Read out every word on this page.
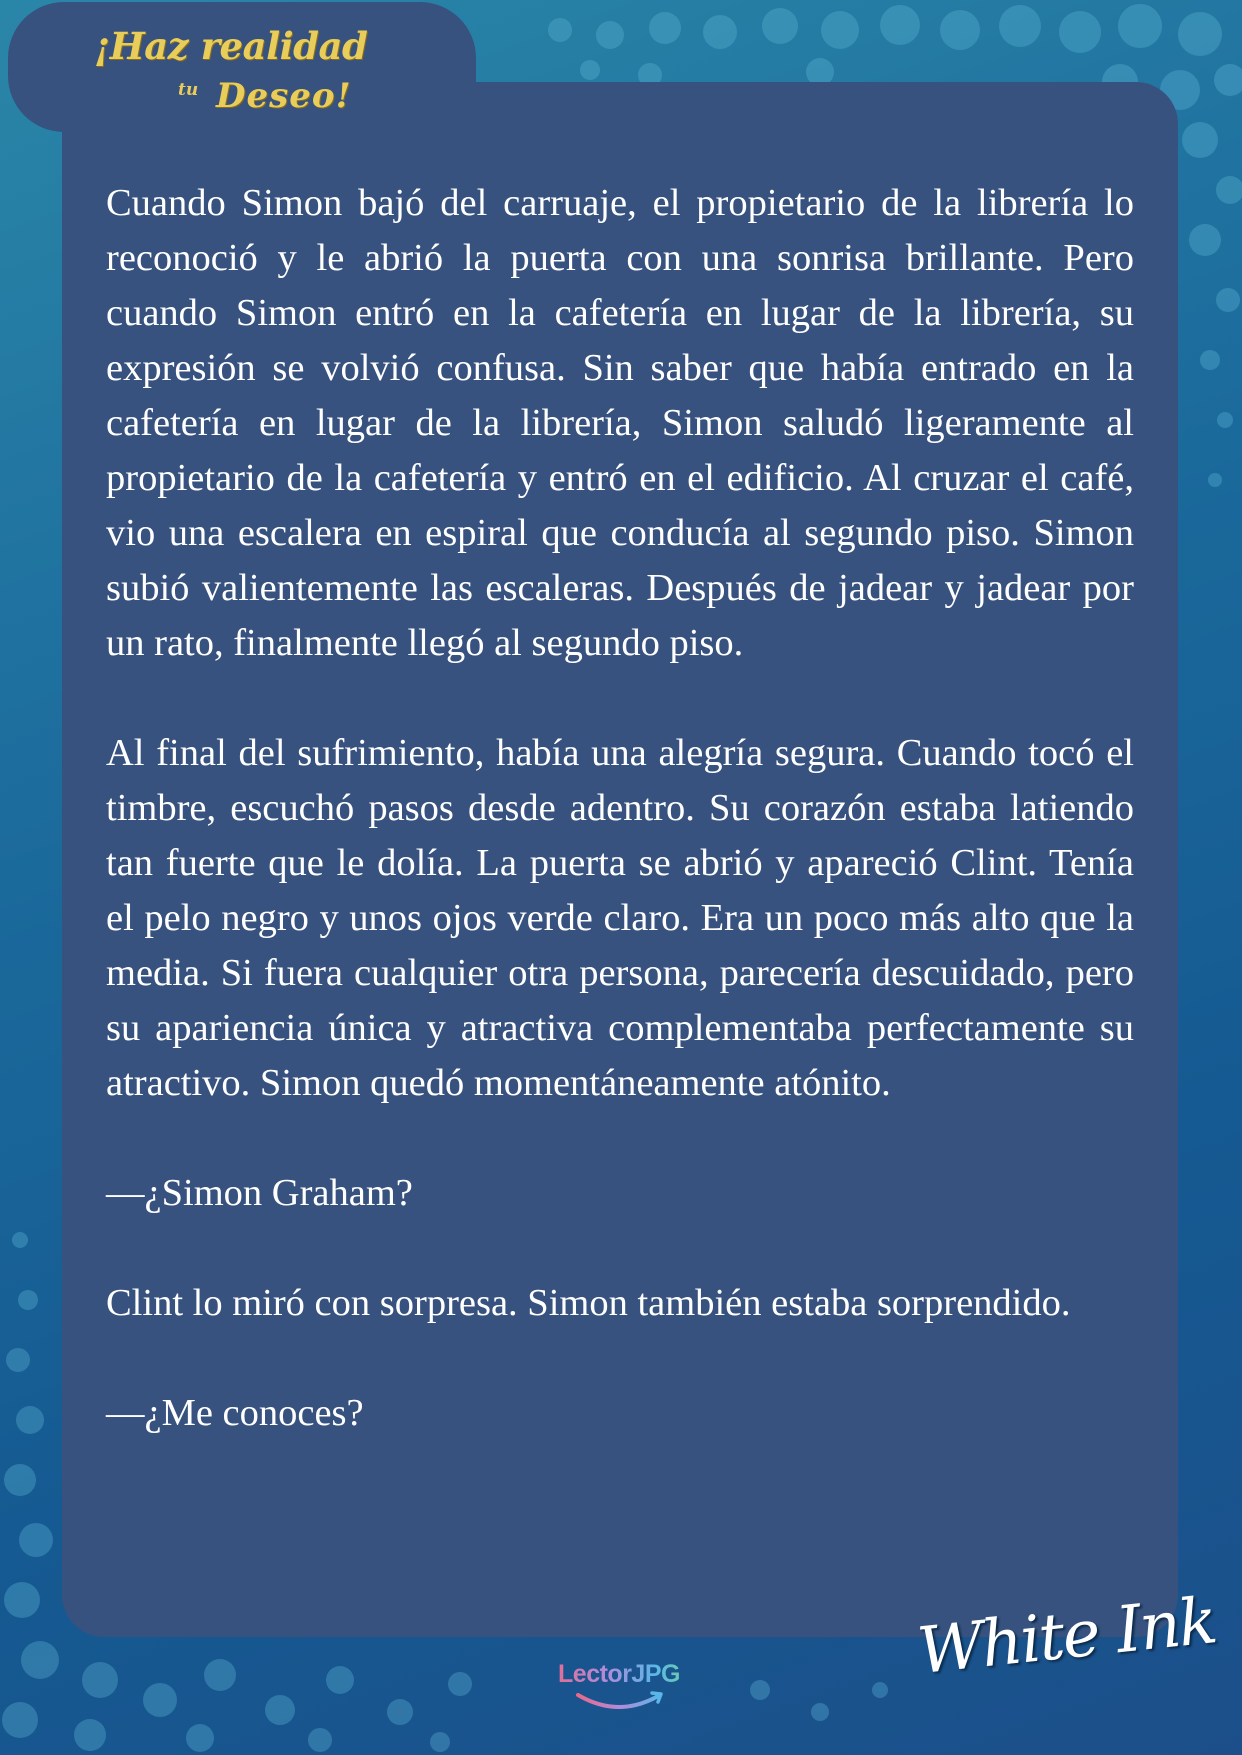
¡Haz realidad
tu Deseo!

Cuando Simon bajó del carruaje, el propietario de la librería lo reconoció y le abrió la puerta con una sonrisa brillante. Pero cuando Simon entró en la cafetería en lugar de la librería, su expresión se volvió confusa. Sin saber que había entrado en la cafetería en lugar de la librería, Simon saludó ligeramente al propietario de la cafetería y entró en el edificio. Al cruzar el café, vio una escalera en espiral que conducía al segundo piso. Simon subió valientemente las escaleras. Después de jadear y jadear por un rato, finalmente llegó al segundo piso.

Al final del sufrimiento, había una alegría segura. Cuando tocó el timbre, escuchó pasos desde adentro. Su corazón estaba latiendo tan fuerte que le dolía. La puerta se abrió y apareció Clint. Tenía el pelo negro y unos ojos verde claro. Era un poco más alto que la media. Si fuera cualquier otra persona, parecería descuidado, pero su apariencia única y atractiva complementaba perfectamente su atractivo. Simon quedó momentáneamente atónito.

—¿Simon Graham?

Clint lo miró con sorpresa. Simon también estaba sorprendido.

—¿Me conoces?

LectorJPG	White Ink
